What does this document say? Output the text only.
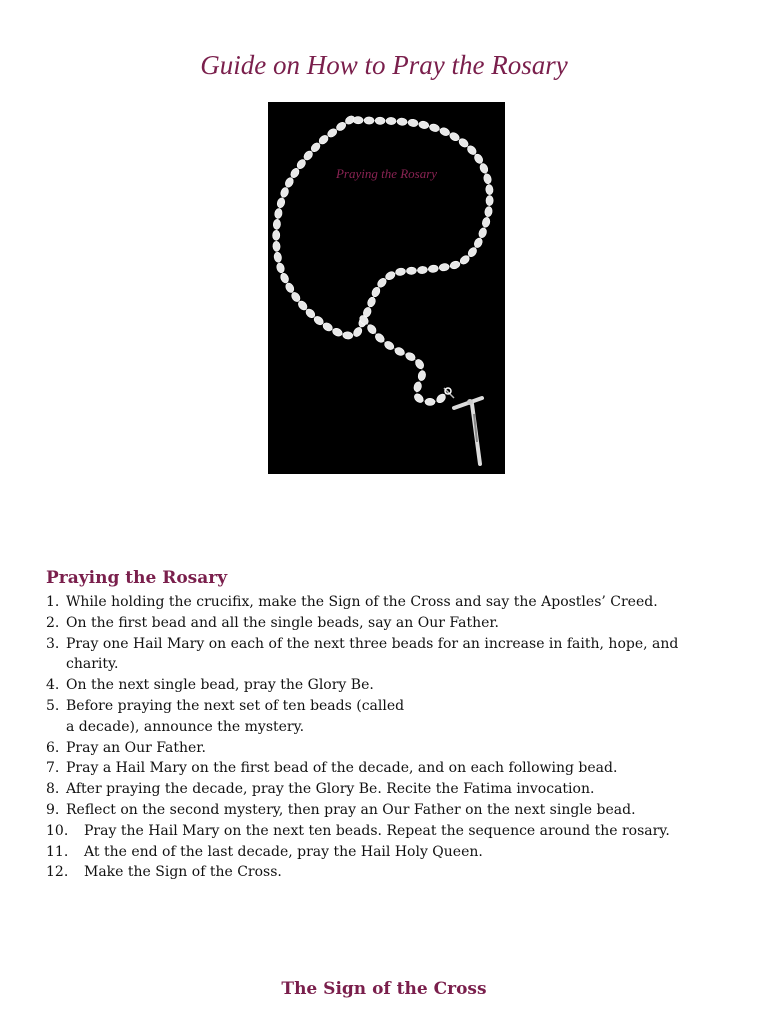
Guide on How to Pray the Rosary
Praying the Rosary
Praying the Rosary
1. While holding the crucifix, make the Sign of the Cross and say the Apostles’ Creed.
2. On the first bead and all the single beads, say an Our Father.
3. Pray one Hail Mary on each of the next three beads for an increase in faith, hope, and charity.
4. On the next single bead, pray the Glory Be.
5. Before praying the next set of ten beads (called a decade), announce the mystery.
6. Pray an Our Father.
7. Pray a Hail Mary on the first bead of the decade, and on each following bead.
8. After praying the decade, pray the Glory Be. Recite the Fatima invocation.
9. Reflect on the second mystery, then pray an Our Father on the next single bead.
10.	Pray the Hail Mary on the next ten beads. Repeat the sequence around the rosary.
11.	At the end of the last decade, pray the Hail Holy Queen.
12.	Make the Sign of the Cross.
The Sign of the Cross
